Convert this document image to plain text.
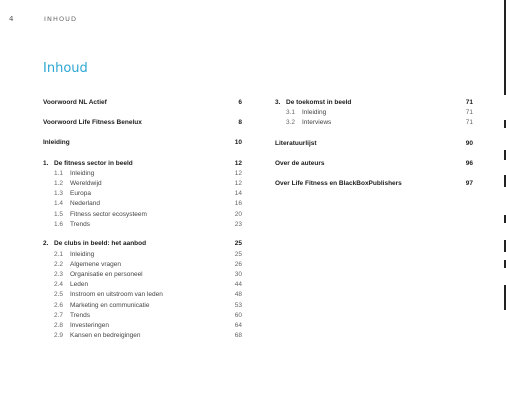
4	INHOUD
Inhoud
Voorwoord NL Actief	6
Voorwoord Life Fitness Benelux	8
Inleiding	10
1. De fitness sector in beeld	12
1.1 Inleiding	12
1.2 Wereldwijd	12
1.3 Europa	14
1.4 Nederland	16
1.5 Fitness sector ecosysteem	20
1.6 Trends	23
2. De clubs in beeld: het aanbod	25
2.1 Inleiding	25
2.2 Algemene vragen	26
2.3 Organisatie en personeel	30
2.4 Leden	44
2.5 Instroom en uitstroom van leden	48
2.6 Marketing en communicatie	53
2.7 Trends	60
2.8 Investeringen	64
2.9 Kansen en bedreigingen	68
3. De toekomst in beeld	71
3.1 Inleiding	71
3.2 Interviews	71
Literatuurlijst	90
Over de auteurs	96
Over Life Fitness en BlackBoxPublishers	97
